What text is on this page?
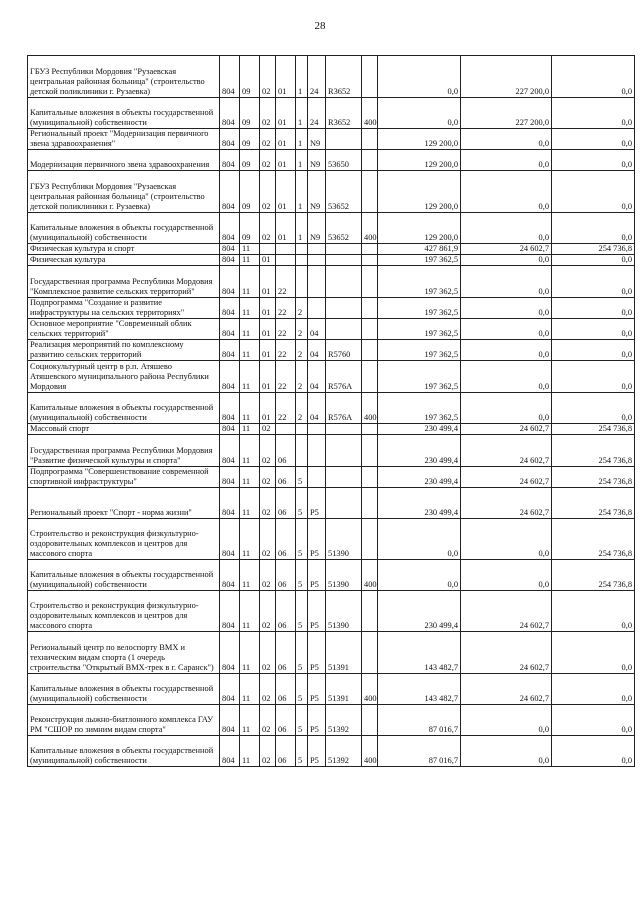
28
ГБУЗ Республики Мордовия "Рузаевская центральная районная больница" (строительство детской поликлиники г. Рузаевка)	804	09	02	01	1	24	R3652		0,0	227 200,0	0,0
Капитальные вложения в объекты государственной (муниципальной) собственности	804	09	02	01	1	24	R3652	400	0,0	227 200,0	0,0
Региональный проект "Модернизация первичного звена здравоохранения"	804	09	02	01	1	N9			129 200,0	0,0	0,0
Модернизация первичного звена здравоохранения	804	09	02	01	1	N9	53650		129 200,0	0,0	0,0
ГБУЗ Республики Мордовия "Рузаевская центральная районная больница" (строительство детской поликлиники г. Рузаевка)	804	09	02	01	1	N9	53652		129 200,0	0,0	0,0
Капитальные вложения в объекты государственной (муниципальной) собственности	804	09	02	01	1	N9	53652	400	129 200,0	0,0	0,0
Физическая культура и спорт	804	11							427 861,9	24 602,7	254 736,8
Физическая культура	804	11	01						197 362,5	0,0	0,0
Государственная программа Республики Мордовия "Комплексное развитие сельских территорий"	804	11	01	22					197 362,5	0,0	0,0
Подпрограмма "Создание и развитие инфраструктуры на сельских территориях"	804	11	01	22	2				197 362,5	0,0	0,0
Основное мероприятие "Современный облик сельских территорий"	804	11	01	22	2	04			197 362,5	0,0	0,0
Реализация мероприятий по комплексному развитию сельских территорий	804	11	01	22	2	04	R5760		197 362,5	0,0	0,0
Социокультурный центр в р.п. Атяшево Атяшевского муниципального района Республики Мордовия	804	11	01	22	2	04	R576A		197 362,5	0,0	0,0
Капитальные вложения в объекты государственной (муниципальной) собственности	804	11	01	22	2	04	R576A	400	197 362,5	0,0	0,0
Массовый спорт	804	11	02						230 499,4	24 602,7	254 736,8
Государственная программа Республики Мордовия "Развитие физической культуры и спорта"	804	11	02	06					230 499,4	24 602,7	254 736,8
Подпрограмма "Совершенствование современной спортивной инфраструктуры"	804	11	02	06	5				230 499,4	24 602,7	254 736,8
Региональный проект "Спорт - норма жизни"	804	11	02	06	5	P5			230 499,4	24 602,7	254 736,8
Строительство и реконструкция физкультурно-оздоровительных комплексов и центров для массового спорта	804	11	02	06	5	P5	51390		0,0	0,0	254 736,8
Капитальные вложения в объекты государственной (муниципальной) собственности	804	11	02	06	5	P5	51390	400	0,0	0,0	254 736,8
Строительство и реконструкция физкультурно-оздоровительных комплексов и центров для массового спорта	804	11	02	06	5	P5	51390		230 499,4	24 602,7	0,0
Региональный центр по велоспорту BMX и техническим видам спорта (1 очередь строительства "Открытый BMX-трек в г. Саранск")	804	11	02	06	5	P5	51391		143 482,7	24 602,7	0,0
Капитальные вложения в объекты государственной (муниципальной) собственности	804	11	02	06	5	P5	51391	400	143 482,7	24 602,7	0,0
Реконструкция лыжно-биатлонного комплекса ГАУ РМ "СШОР по зимним видам спорта"	804	11	02	06	5	P5	51392		87 016,7	0,0	0,0
Капитальные вложения в объекты государственной (муниципальной) собственности	804	11	02	06	5	P5	51392	400	87 016,7	0,0	0,0
